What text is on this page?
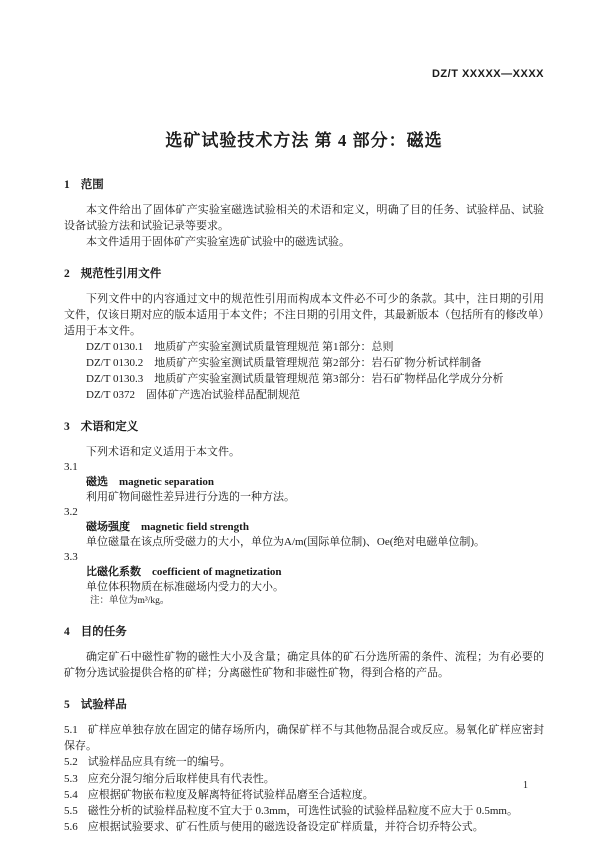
DZ/T XXXXX—XXXX

选矿试验技术方法 第 4 部分：磁选
1 范围

本文件给出了固体矿产实验室磁选试验相关的术语和定义，明确了目的任务、试验样品、试验设备试验方法和试验记录等要求。

本文件适用于固体矿产实验室选矿试验中的磁选试验。

2 规范性引用文件

下列文件中的内容通过文中的规范性引用而构成本文件必不可少的条款。其中，注日期的引用文件，仅该日期对应的版本适用于本文件；不注日期的引用文件，其最新版本（包括所有的修改单）适用于本文件。

DZ/T 0130.1　地质矿产实验室测试质量管理规范 第1部分：总则

DZ/T 0130.2　地质矿产实验室测试质量管理规范 第2部分：岩石矿物分析试样制备

DZ/T 0130.3　地质矿产实验室测试质量管理规范 第3部分：岩石矿物样品化学成分分析

DZ/T 0372　固体矿产选冶试验样品配制规范

3 术语和定义

下列术语和定义适用于本文件。

3.1

磁选　magnetic separation

利用矿物间磁性差异进行分选的一种方法。

3.2

磁场强度　magnetic field strength

单位磁量在该点所受磁力的大小，单位为A/m(国际单位制)、Oe(绝对电磁单位制)。

3.3

比磁化系数　coefficient of magnetization

单位体积物质在标准磁场内受力的大小。

注：单位为m³/kg。

4 目的任务

确定矿石中磁性矿物的磁性大小及含量；确定具体的矿石分选所需的条件、流程；为有必要的矿物分选试验提供合格的矿样；分离磁性矿物和非磁性矿物，得到合格的产品。

5 试验样品

5.1 矿样应单独存放在固定的储存场所内，确保矿样不与其他物品混合或反应。易氧化矿样应密封保存。

5.2 试验样品应具有统一的编号。

5.3 应充分混匀缩分后取样使具有代表性。

5.4 应根据矿物嵌布粒度及解离特征将试验样品磨至合适粒度。

5.5 磁性分析的试验样品粒度不宜大于 0.3mm，可选性试验的试验样品粒度不应大于 0.5mm。

5.6 应根据试验要求、矿石性质与使用的磁选设备设定矿样质量，并符合切乔特公式。

1
